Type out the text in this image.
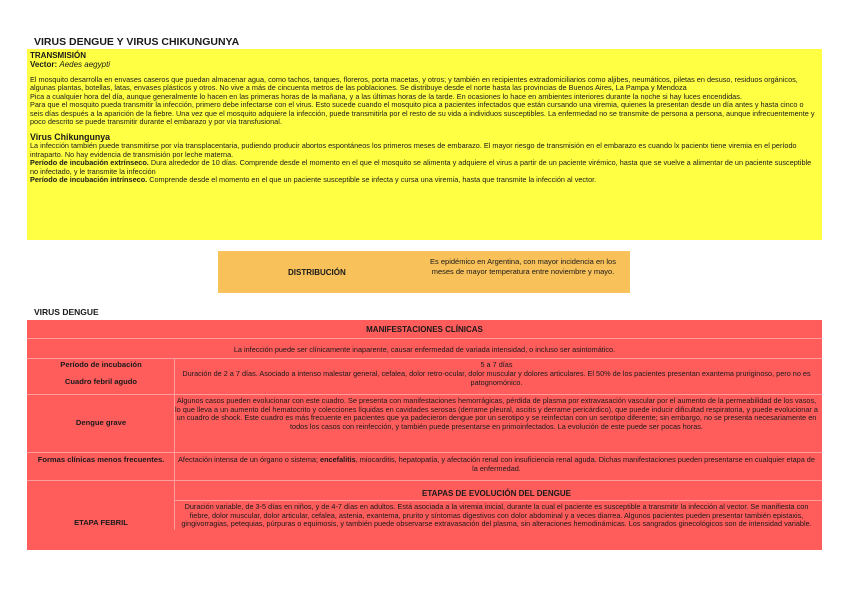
VIRUS DENGUE Y VIRUS CHIKUNGUNYA

TRANSMISIÓN

Vector: Aedes aegypti

El mosquito desarrolla en envases caseros que puedan almacenar agua, como tachos, tanques, floreros, porta macetas, y otros; y también en recipientes extradomiciliarios como aljibes, neumáticos, piletas en desuso, residuos orgánicos, algunas plantas, botellas, latas, envases plásticos y otros. No vive a más de cincuenta metros de las poblaciones. Se distribuye desde el norte hasta las provincias de Buenos Aires, La Pampa y Mendoza

Pica a cualquier hora del día, aunque generalmente lo hacen en las primeras horas de la mañana, y a las últimas horas de la tarde. En ocasiones lo hace en ambientes interiores durante la noche si hay luces encendidas.

Para que el mosquito pueda transmitir la infección, primero debe infectarse con el virus. Esto sucede cuando el mosquito pica a pacientes infectados que están cursando una viremia, quienes la presentan desde un día antes y hasta cinco o seis días después a la aparición de la fiebre. Una vez que el mosquito adquiere la infección, puede transmitirla por el resto de su vida a individuos susceptibles. La enfermedad no se transmite de persona a persona, aunque infrecuentemente y poco descrito se puede transmitir durante el embarazo y por vía transfusional.

Virus Chikungunya

La infección también puede transmitirse por vía transplacentaria, pudiendo producir abortos espontáneos los primeros meses de embarazo. El mayor riesgo de transmisión en el embarazo es cuando lx pacientx tiene viremia en el período intraparto. No hay evidencia de transmisión por leche materna.

Período de incubación extrínseco. Dura alrededor de 10 días. Comprende desde el momento en el que el mosquito se alimenta y adquiere el virus a partir de un paciente virémico, hasta que se vuelve a alimentar de un paciente susceptible no infectado, y le transmite la infección

Período de incubación intrínseco. Comprende desde el momento en el que un paciente susceptible se infecta y cursa una viremia, hasta que transmite la infección al vector.

DISTRIBUCIÓN
Es epidémico en Argentina, con mayor incidencia en los meses de mayor temperatura entre noviembre y mayo.
VIRUS DENGUE
MANIFESTACIONES CLÍNICAS
La infección puede ser clínicamente inaparente, causar enfermedad de variada intensidad, o incluso ser asintomático.
Período de incubación	5 a 7 días
Cuadro febril agudo
Duración de 2 a 7 días. Asociado a intenso malestar general, cefalea, dolor retro-ocular, dolor muscular y dolores articulares. El 50% de los pacientes presentan exantema pruriginoso, pero no es patognomónico.
Dengue grave
Algunos casos pueden evolucionar con este cuadro. Se presenta con manifestaciones hemorrágicas, pérdida de plasma por extravasación vascular por el aumento de la permeabilidad de los vasos, lo que lleva a un aumento del hematocrito y colecciones líquidas en cavidades serosas (derrame pleural, ascitis y derrame pericárdico), que puede inducir dificultad respiratoria, y puede evolucionar a un cuadro de shock. Este cuadro es más frecuente en pacientes que ya padecieron dengue por un serotipo y se reinfectan con un serotipo diferente; sin embargo, no se presenta necesariamente en todos los casos con reinfección, y también puede presentarse en primoinfectados. La evolución de este puede ser pocas horas.
Formas clínicas menos frecuentes.	Afectación intensa de un órgano o sistema; encefalitis, miocarditis, hepatopatía, y afectación renal con insuficiencia renal aguda. Dichas manifestaciones pueden presentarse en cualquier etapa de la enfermedad.
ETAPAS DE EVOLUCIÓN DEL DENGUE
ETAPA FEBRIL
Duración variable, de 3-5 días en niños, y de 4-7 días en adultos. Está asociada a la viremia inicial, durante la cual el paciente es susceptible a transmitir la infección al vector. Se manifiesta con fiebre, dolor muscular, dolor articular, cefalea, astenia, exantema, prurito y síntomas digestivos con dolor abdominal y a veces diarrea. Algunos pacientes pueden presentar también epistaxis, gingivorragias, petequias, púrpuras o equimosis, y también puede observarse extravasación del plasma, sin alteraciones hemodinámicas. Los sangrados ginecológicos son de intensidad variable.
